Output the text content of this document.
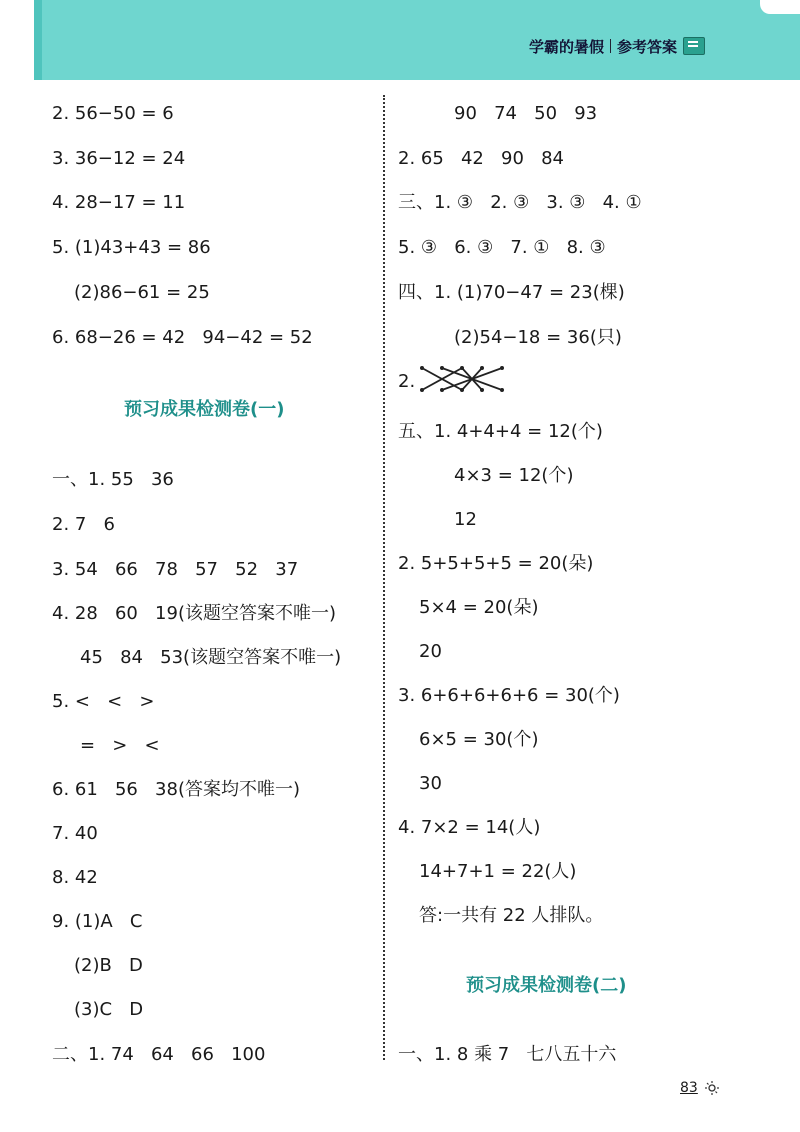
学霸的暑假 参考答案
2. 56−50 = 6
3. 36−12 = 24
4. 28−17 = 11
5. (1)43+43 = 86
(2)86−61 = 25
6. 68−26 = 42   94−42 = 52
预习成果检测卷(一)
一、1. 55   36
2. 7   6
3. 54   66   78   57   52   37
4. 28   60   19(该题空答案不唯一)
45   84   53(该题空答案不唯一)
5. <   <   >
=   >   <
6. 61   56   38(答案均不唯一)
7. 40
8. 42
9. (1)A   C
(2)B   D
(3)C   D
二、1. 74   64   66   100
90   74   50   93
2. 65   42   90   84
三、1. ③   2. ③   3. ③   4. ①
5. ③   6. ③   7. ①   8. ③
四、1. (1)70−47 = 23(棵)
(2)54−18 = 36(只)
2.
五、1. 4+4+4 = 12(个)
4×3 = 12(个)
12
2. 5+5+5+5 = 20(朵)
5×4 = 20(朵)
20
3. 6+6+6+6+6 = 30(个)
6×5 = 30(个)
30
4. 7×2 = 14(人)
14+7+1 = 22(人)
答:一共有 22 人排队。
预习成果检测卷(二)
一、1. 8 乘 7   七八五十六
83
